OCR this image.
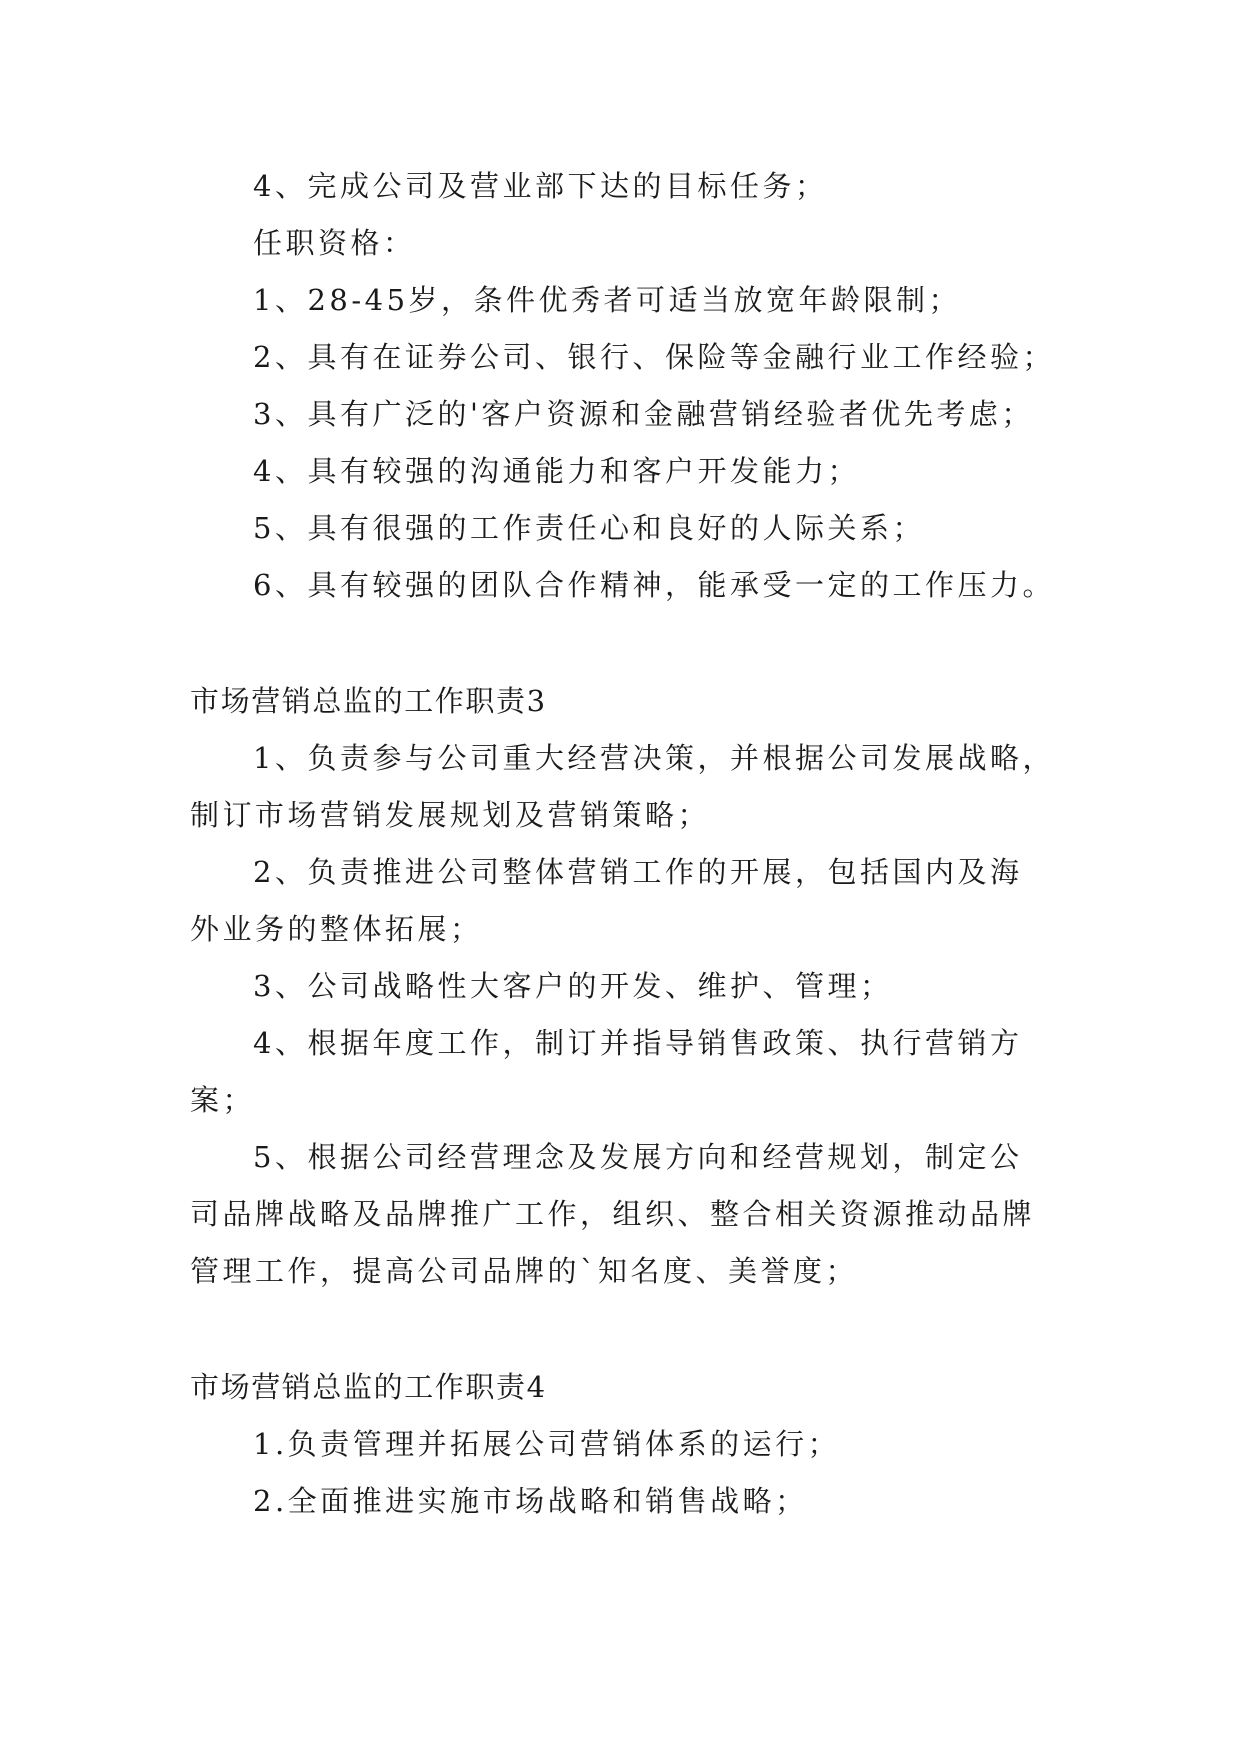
4、完成公司及营业部下达的目标任务；

任职资格：

1、28-45岁，条件优秀者可适当放宽年龄限制；

2、具有在证券公司、银行、保险等金融行业工作经验；

3、具有广泛的'客户资源和金融营销经验者优先考虑；

4、具有较强的沟通能力和客户开发能力；

5、具有很强的工作责任心和良好的人际关系；

6、具有较强的团队合作精神，能承受一定的工作压力。

市场营销总监的工作职责3

1、负责参与公司重大经营决策，并根据公司发展战略，

制订市场营销发展规划及营销策略；

2、负责推进公司整体营销工作的开展，包括国内及海

外业务的整体拓展；

3、公司战略性大客户的开发、维护、管理；

4、根据年度工作，制订并指导销售政策、执行营销方

案；

5、根据公司经营理念及发展方向和经营规划，制定公

司品牌战略及品牌推广工作，组织、整合相关资源推动品牌

管理工作，提高公司品牌的`知名度、美誉度；

市场营销总监的工作职责4

1.负责管理并拓展公司营销体系的运行；

2.全面推进实施市场战略和销售战略；
